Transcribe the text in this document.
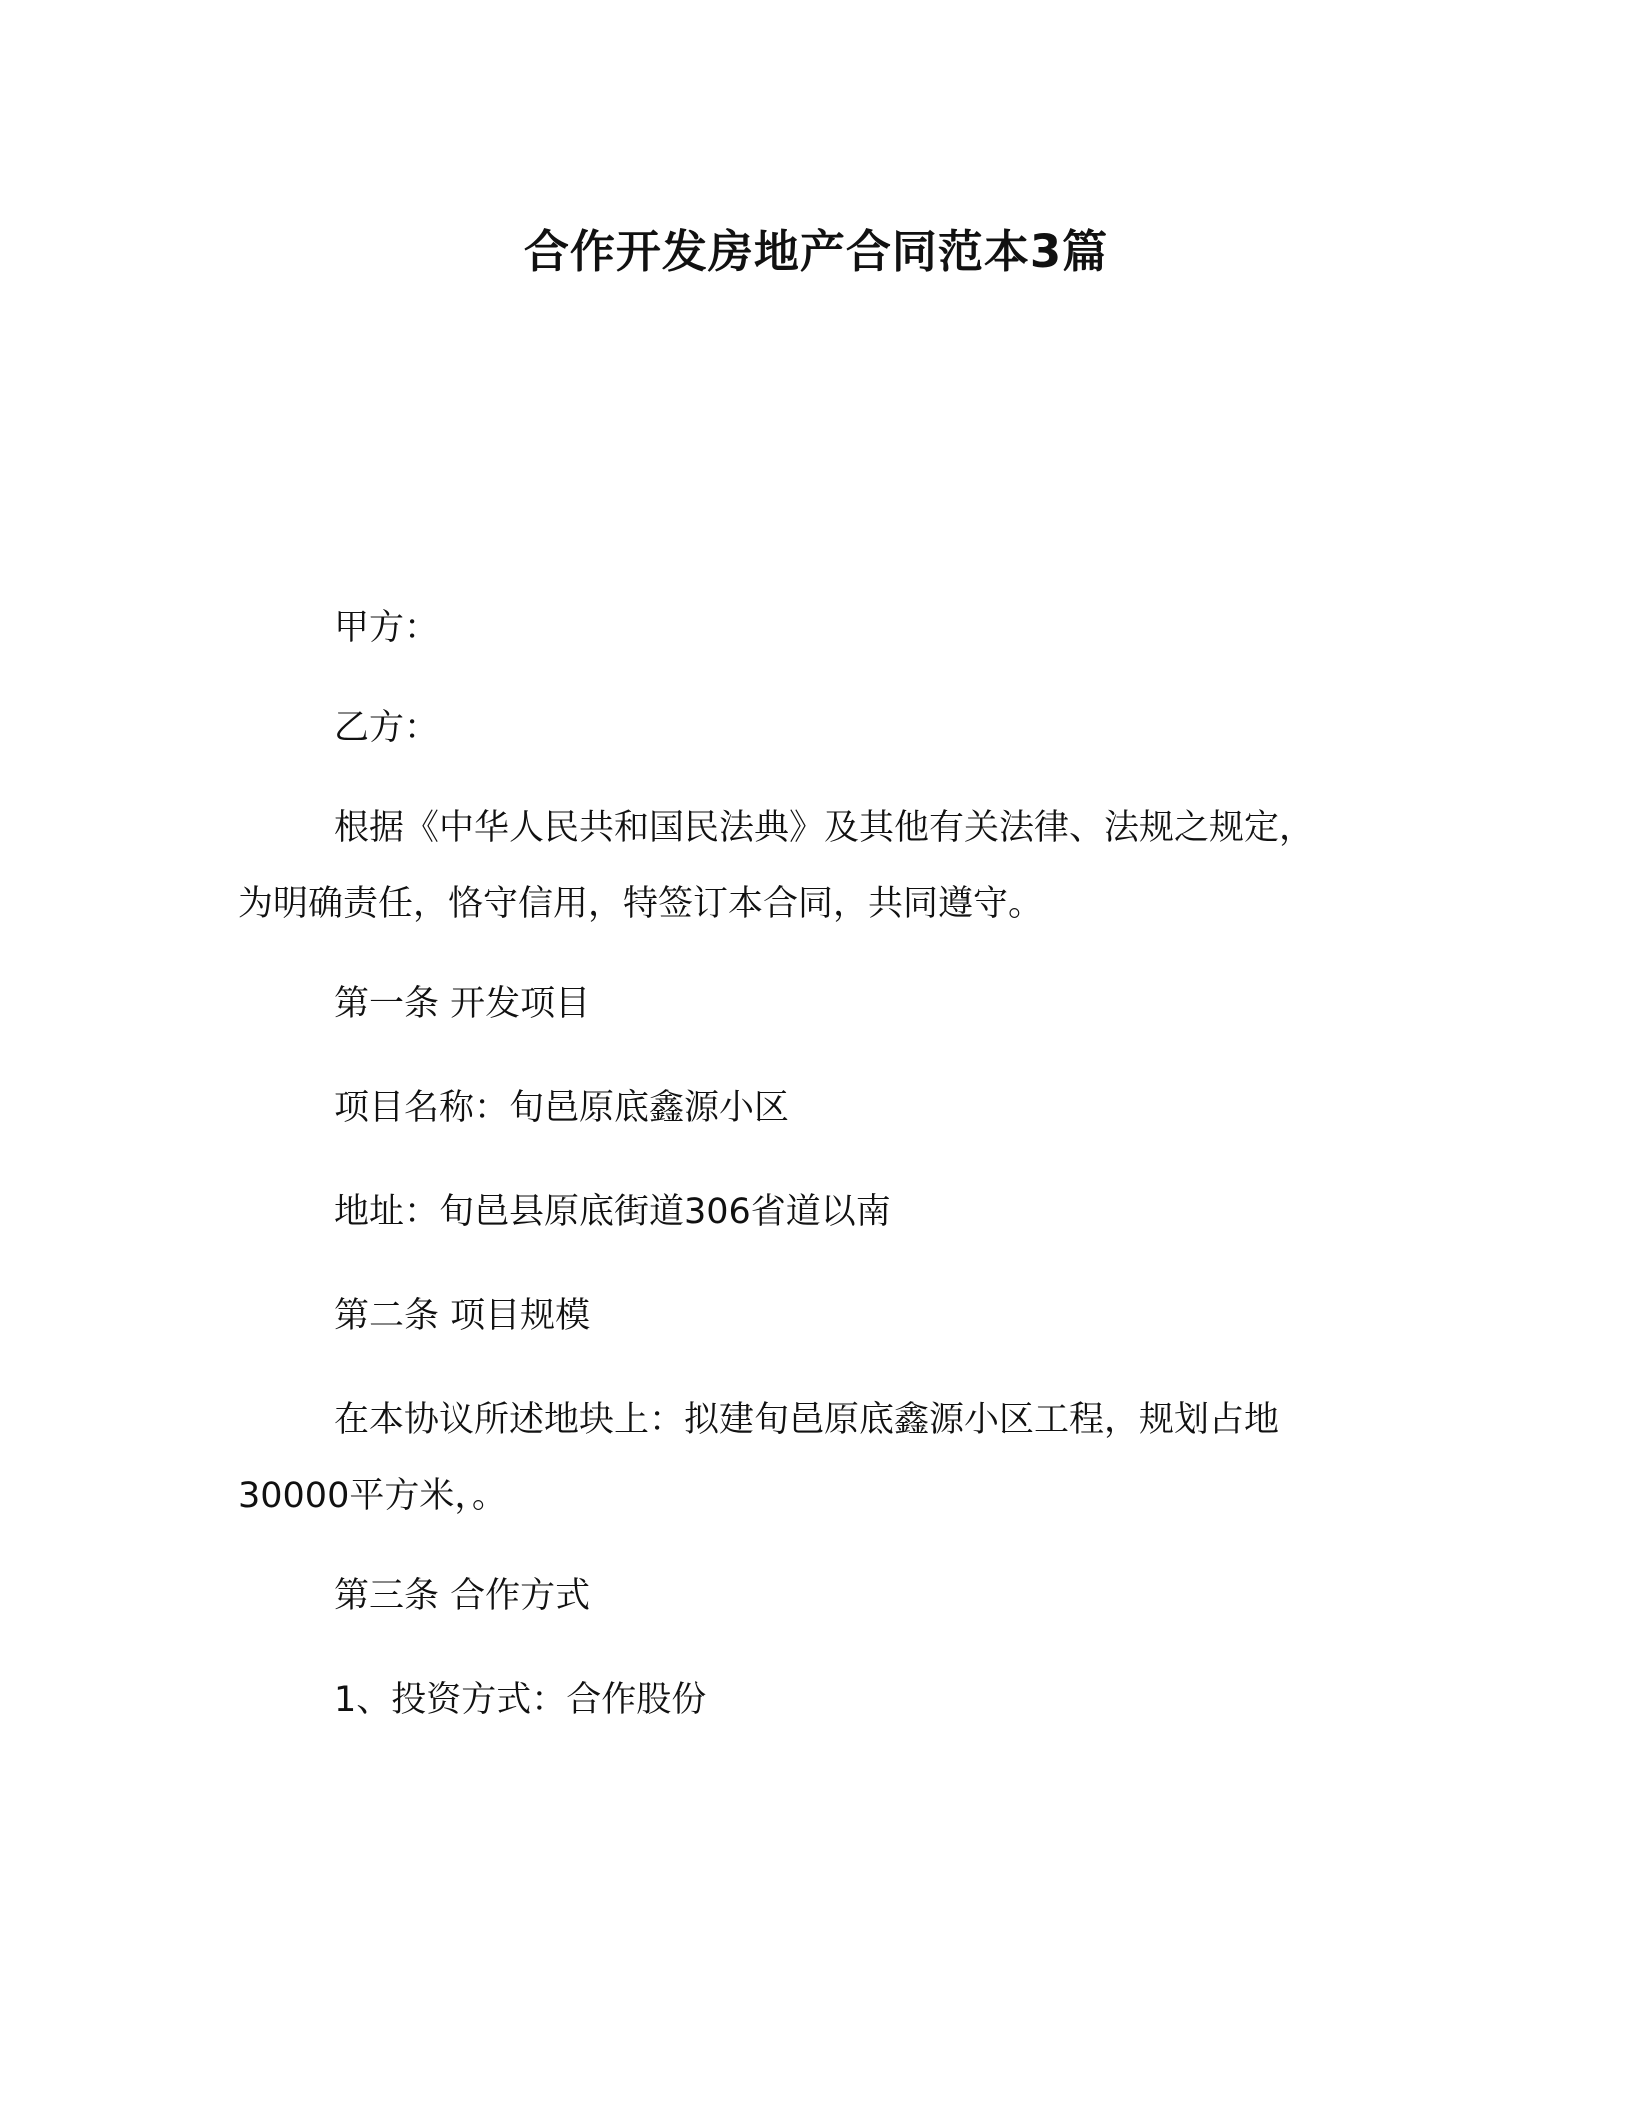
合作开发房地产合同范本3篇

甲方：

乙方：

根据《中华人民共和国民法典》及其他有关法律、法规之规定，
为明确责任，恪守信用，特签订本合同，共同遵守。

第一条 开发项目

项目名称：旬邑原底鑫源小区

地址：旬邑县原底街道306省道以南

第二条 项目规模

在本协议所述地块上：拟建旬邑原底鑫源小区工程，规划占地
30000平方米，。

第三条 合作方式

1、投资方式：合作股份
